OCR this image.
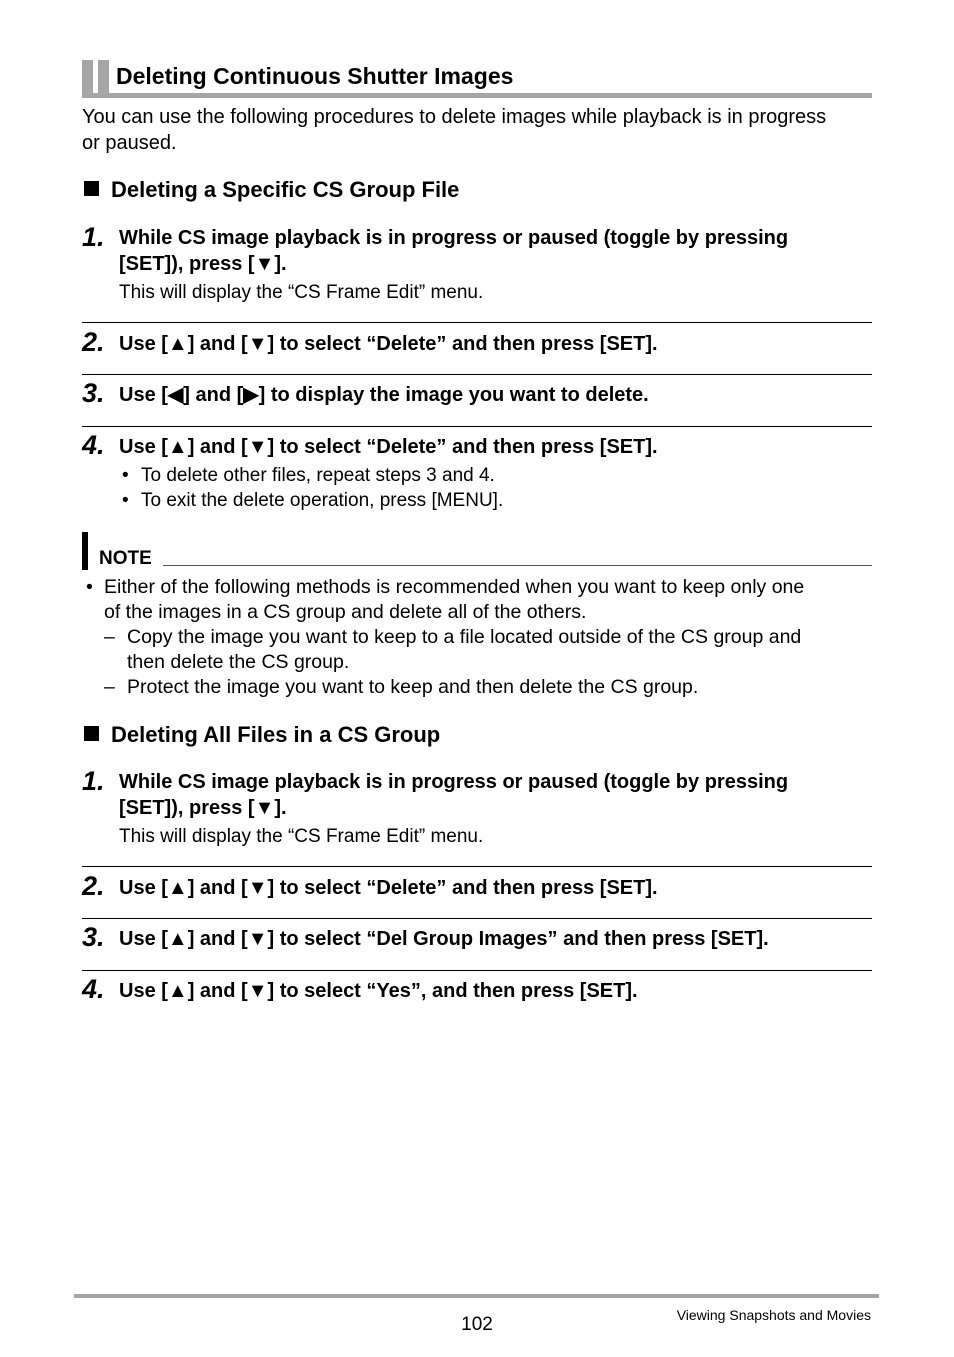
Deleting Continuous Shutter Images
You can use the following procedures to delete images while playback is in progress
or paused.
Deleting a Specific CS Group File
1. While CS image playback is in progress or paused (toggle by pressing
[SET]), press [▼].
This will display the “CS Frame Edit” menu.
2. Use [▲] and [▼] to select “Delete” and then press [SET].
3. Use [◀] and [▶] to display the image you want to delete.
4. Use [▲] and [▼] to select “Delete” and then press [SET].
• To delete other files, repeat steps 3 and 4.
• To exit the delete operation, press [MENU].
NOTE
• Either of the following methods is recommended when you want to keep only one
of the images in a CS group and delete all of the others.
– Copy the image you want to keep to a file located outside of the CS group and
then delete the CS group.
– Protect the image you want to keep and then delete the CS group.
Deleting All Files in a CS Group
1. While CS image playback is in progress or paused (toggle by pressing
[SET]), press [▼].
This will display the “CS Frame Edit” menu.
2. Use [▲] and [▼] to select “Delete” and then press [SET].
3. Use [▲] and [▼] to select “Del Group Images” and then press [SET].
4. Use [▲] and [▼] to select “Yes”, and then press [SET].
102	Viewing Snapshots and Movies
